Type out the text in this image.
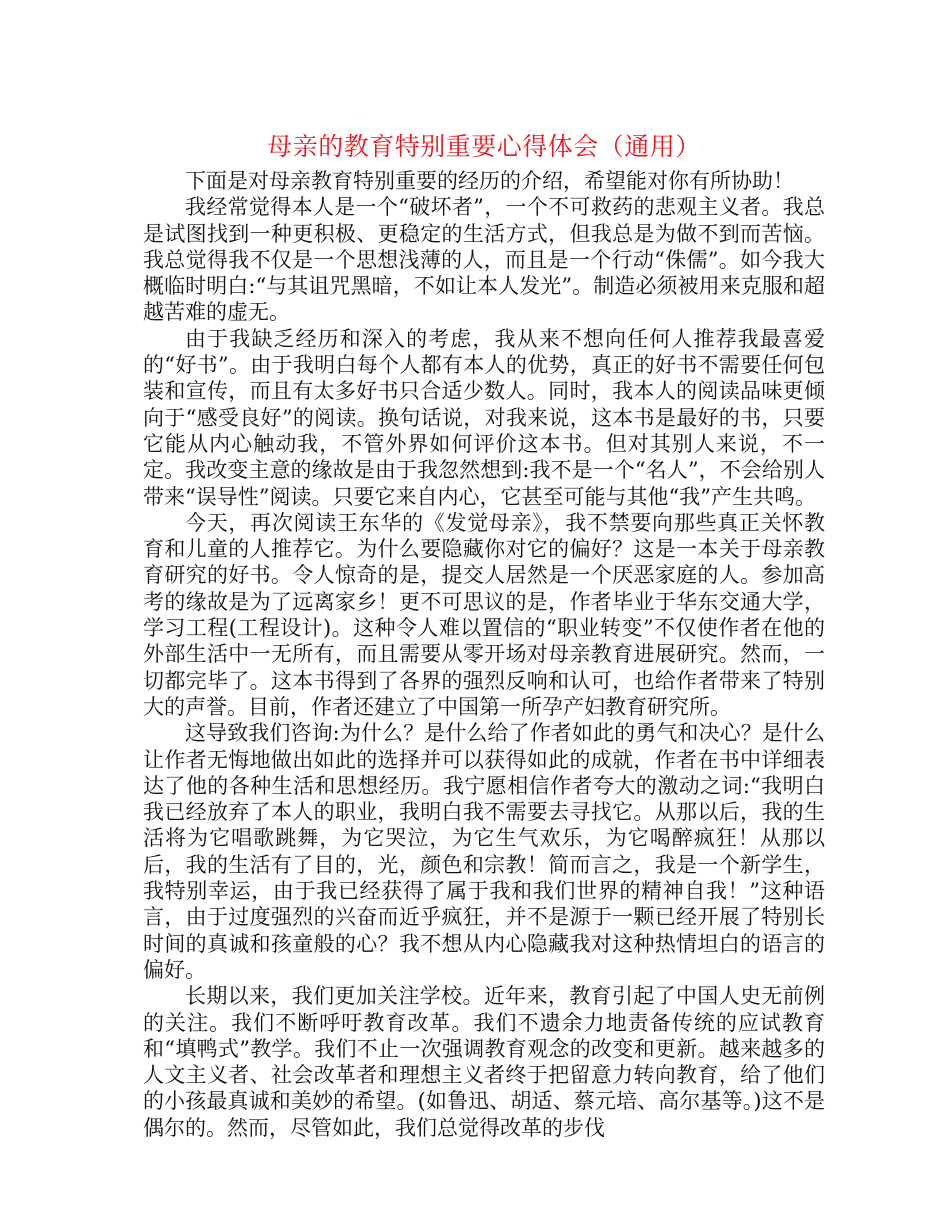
母亲的教育特别重要心得体会（通用）

下面是对母亲教育特别重要的经历的介绍，希望能对你有所协助！

我经常觉得本人是一个“破坏者”，一个不可救药的悲观主义者。我总是试图找到一种更积极、更稳定的生活方式，但我总是为做不到而苦恼。我总觉得我不仅是一个思想浅薄的人，而且是一个行动“侏儒”。如今我大概临时明白:“与其诅咒黑暗，不如让本人发光”。制造必须被用来克服和超越苦难的虚无。

由于我缺乏经历和深入的考虑，我从来不想向任何人推荐我最喜爱的“好书”。由于我明白每个人都有本人的优势，真正的好书不需要任何包装和宣传，而且有太多好书只合适少数人。同时，我本人的阅读品味更倾向于“感受良好”的阅读。换句话说，对我来说，这本书是最好的书，只要它能从内心触动我，不管外界如何评价这本书。但对其别人来说，不一定。我改变主意的缘故是由于我忽然想到:我不是一个“名人”，不会给别人带来“误导性”阅读。只要它来自内心，它甚至可能与其他“我”产生共鸣。

今天，再次阅读王东华的《发觉母亲》，我不禁要向那些真正关怀教育和儿童的人推荐它。为什么要隐藏你对它的偏好？这是一本关于母亲教育研究的好书。令人惊奇的是，提交人居然是一个厌恶家庭的人。参加高考的缘故是为了远离家乡！更不可思议的是，作者毕业于华东交通大学，学习工程(工程设计)。这种令人难以置信的“职业转变”不仅使作者在他的外部生活中一无所有，而且需要从零开场对母亲教育进展研究。然而，一切都完毕了。这本书得到了各界的强烈反响和认可，也给作者带来了特别大的声誉。目前，作者还建立了中国第一所孕产妇教育研究所。

这导致我们咨询:为什么？是什么给了作者如此的勇气和决心？是什么让作者无悔地做出如此的选择并可以获得如此的成就，作者在书中详细表达了他的各种生活和思想经历。我宁愿相信作者夸大的激动之词:“我明白我已经放弃了本人的职业，我明白我不需要去寻找它。从那以后，我的生活将为它唱歌跳舞，为它哭泣，为它生气欢乐，为它喝醉疯狂！从那以后，我的生活有了目的，光，颜色和宗教！简而言之，我是一个新学生，我特别幸运，由于我已经获得了属于我和我们世界的精神自我！”这种语言，由于过度强烈的兴奋而近乎疯狂，并不是源于一颗已经开展了特别长时间的真诚和孩童般的心？我不想从内心隐藏我对这种热情坦白的语言的偏好。

长期以来，我们更加关注学校。近年来，教育引起了中国人史无前例的关注。我们不断呼吁教育改革。我们不遗余力地责备传统的应试教育和“填鸭式”教学。我们不止一次强调教育观念的改变和更新。越来越多的人文主义者、社会改革者和理想主义者终于把留意力转向教育，给了他们的小孩最真诚和美妙的希望。(如鲁迅、胡适、蔡元培、高尔基等。)这不是偶尔的。然而，尽管如此，我们总觉得改革的步伐
